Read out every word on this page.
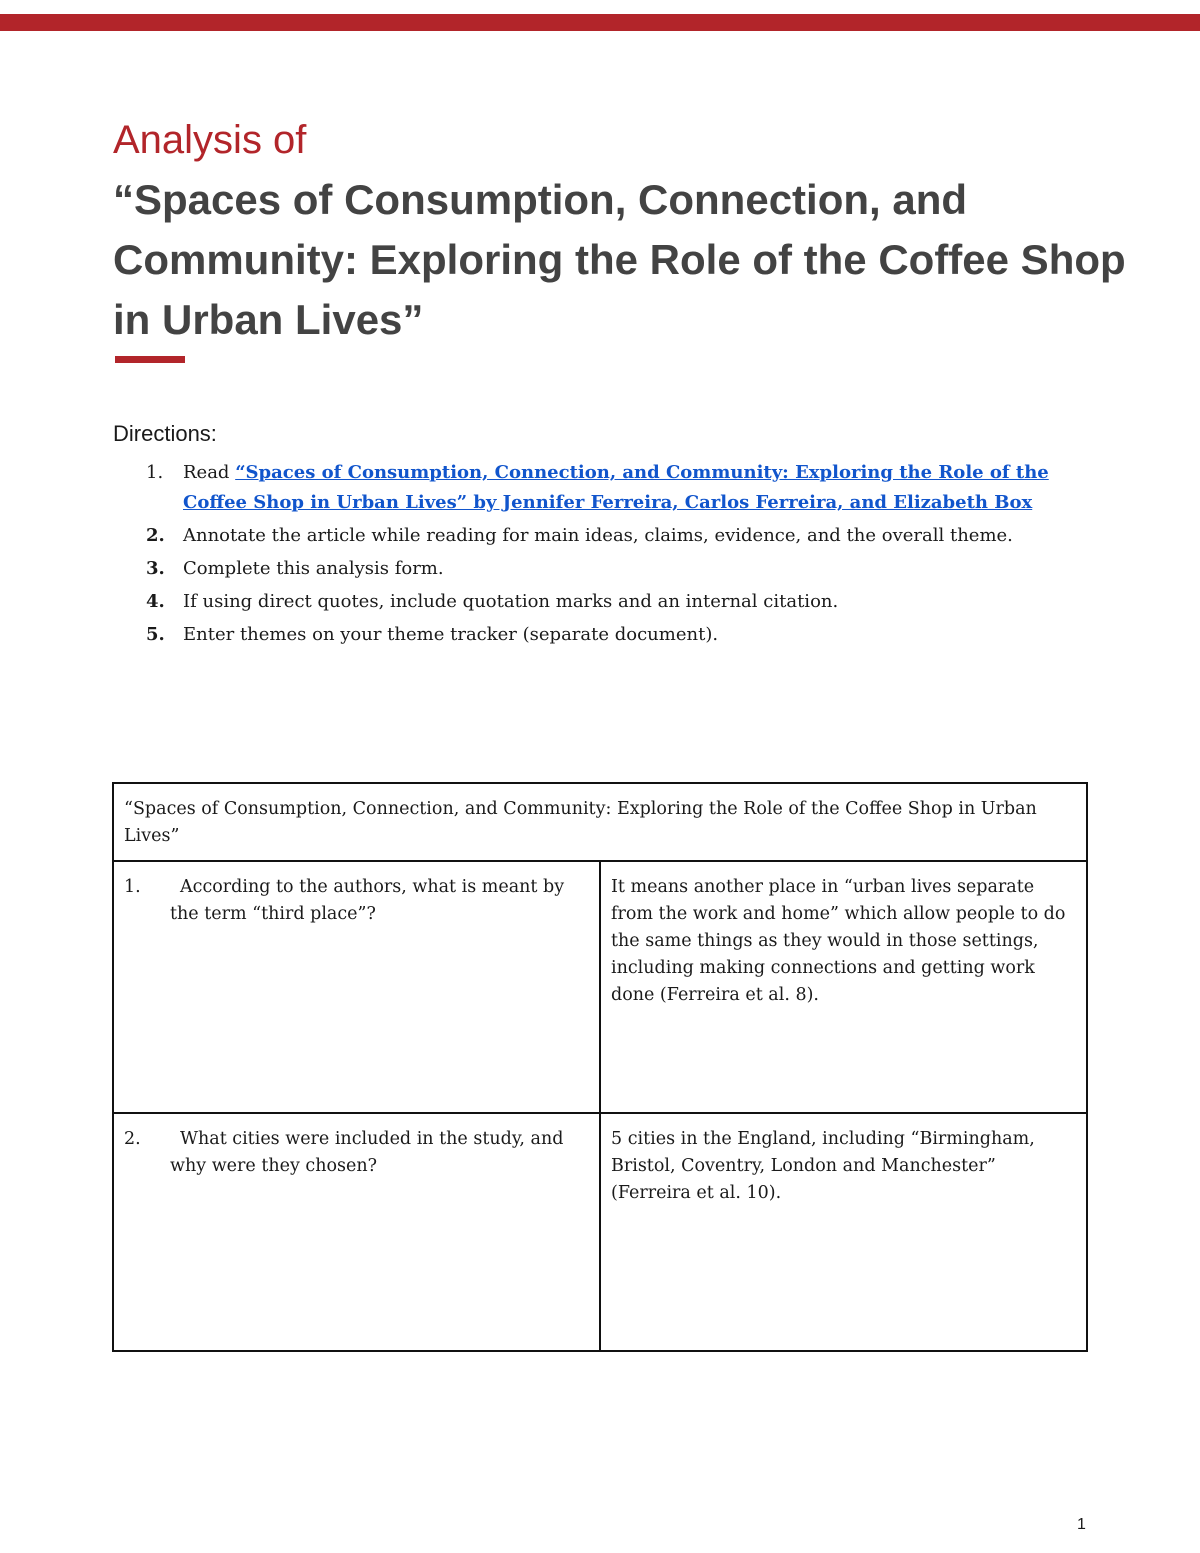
Analysis of
“Spaces of Consumption, Connection, and Community: Exploring the Role of the Coffee Shop in Urban Lives”
Directions:
1. Read “Spaces of Consumption, Connection, and Community: Exploring the Role of the Coffee Shop in Urban Lives” by Jennifer Ferreira, Carlos Ferreira, and Elizabeth Box
2. Annotate the article while reading for main ideas, claims, evidence, and the overall theme.
3. Complete this analysis form.
4. If using direct quotes, include quotation marks and an internal citation.
5. Enter themes on your theme tracker (separate document).
“Spaces of Consumption, Connection, and Community: Exploring the Role of the Coffee Shop in Urban Lives”	

1. According to the authors, what is meant by the term “third place”?	It means another place in “urban lives separate from the work and home” which allow people to do the same things as they would in those settings, including making connections and getting work done (Ferreira et al. 8).

2. What cities were included in the study, and why were they chosen?	5 cities in the England, including “Birmingham, Bristol, Coventry, London and Manchester” (Ferreira et al. 10).
1
